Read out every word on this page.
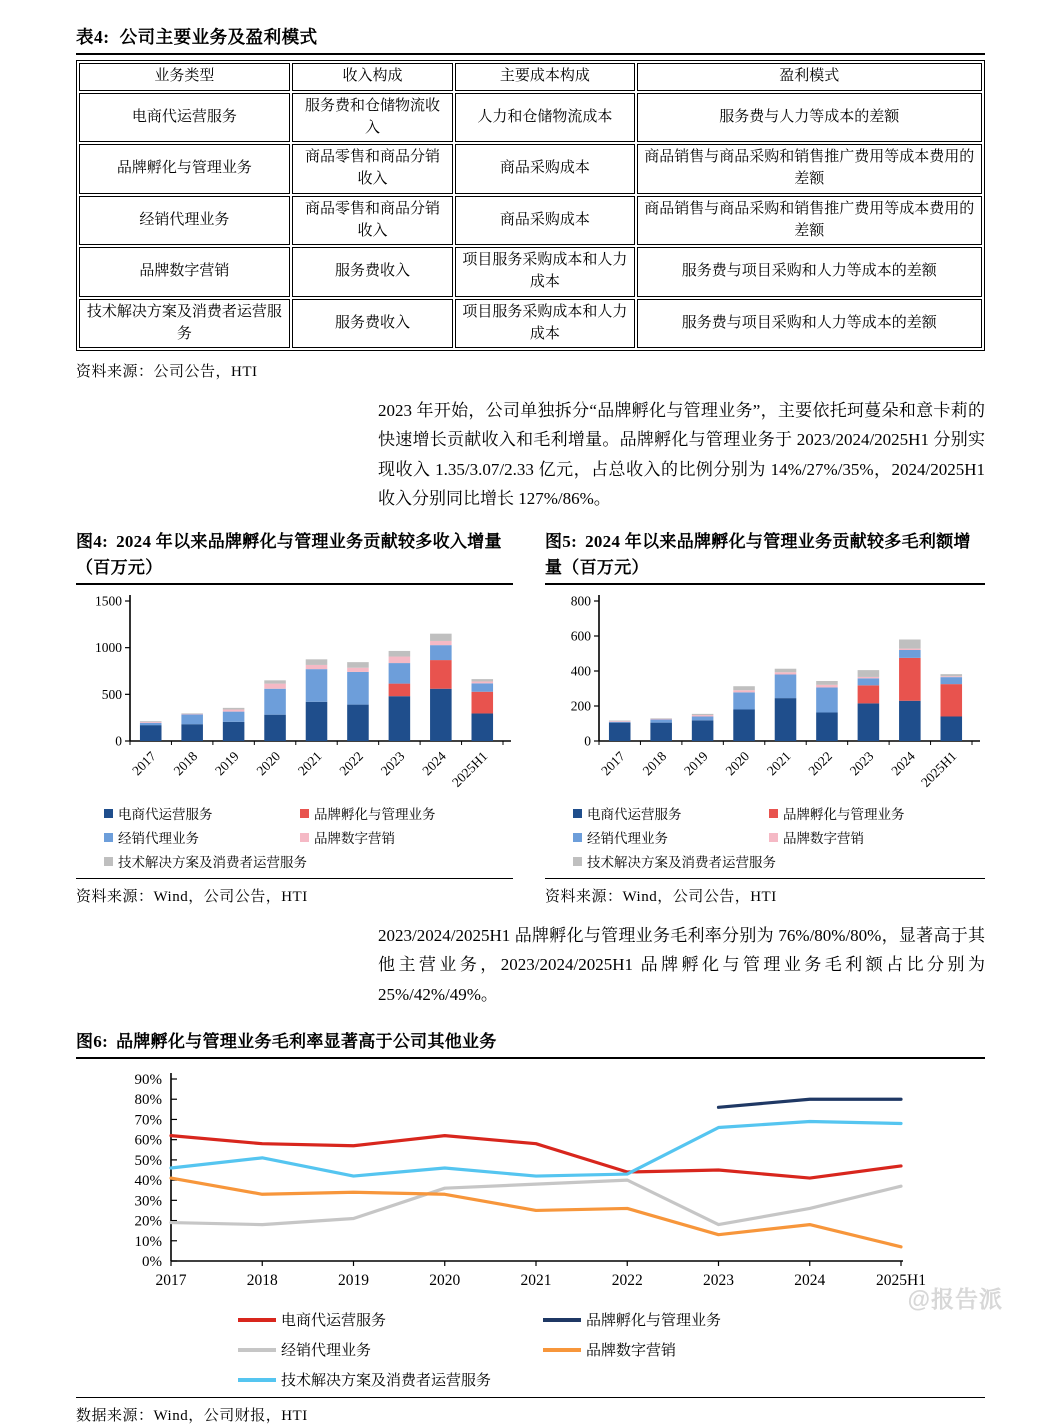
表4: 公司主要业务及盈利模式
业务类型	收入构成	主要成本构成	盈利模式
电商代运营服务	服务费和仓储物流收入	人力和仓储物流成本	服务费与人力等成本的差额
品牌孵化与管理业务	商品零售和商品分销收入	商品采购成本	商品销售与商品采购和销售推广费用等成本费用的差额
经销代理业务	商品零售和商品分销收入	商品采购成本	商品销售与商品采购和销售推广费用等成本费用的差额
品牌数字营销	服务费收入	项目服务采购成本和人力成本	服务费与项目采购和人力等成本的差额
技术解决方案及消费者运营服务	服务费收入	项目服务采购成本和人力成本	服务费与项目采购和人力等成本的差额
资料来源：公司公告，HTI
2023 年开始，公司单独拆分“品牌孵化与管理业务”，主要依托珂蔓朵和意卡莉的快速增长贡献收入和毛利增量。品牌孵化与管理业务于 2023/2024/2025H1 分别实现收入 1.35/3.07/2.33 亿元，占总收入的比例分别为 14%/27%/35%，2024/2025H1 收入分别同比增长 127%/86%。
图4: 2024 年以来品牌孵化与管理业务贡献较多收入增量（百万元）
0
500
1000
1500
2017 2018 2019 2020 2021 2022 2023 2024 2025H1
电商代运营服务	品牌孵化与管理业务
经销代理业务	品牌数字营销
技术解决方案及消费者运营服务
资料来源：Wind，公司公告，HTI
图5: 2024 年以来品牌孵化与管理业务贡献较多毛利额增量（百万元）
0
200
400
600
800
2017 2018 2019 2020 2021 2022 2023 2024 2025H1
电商代运营服务	品牌孵化与管理业务
经销代理业务	品牌数字营销
技术解决方案及消费者运营服务
资料来源：Wind，公司公告，HTI
2023/2024/2025H1 品牌孵化与管理业务毛利率分别为 76%/80%/80%，显著高于其他主营业务，2023/2024/2025H1 品牌孵化与管理业务毛利额占比分别为 25%/42%/49%。
图6: 品牌孵化与管理业务毛利率显著高于公司其他业务
0%
10%
20%
30%
40%
50%
60%
70%
80%
90%
2017	2018	2019	2020	2021	2022	2023	2024	2025H1
电商代运营服务	品牌孵化与管理业务
经销代理业务	品牌数字营销
技术解决方案及消费者运营服务
数据来源：Wind，公司财报，HTI
@报告派
